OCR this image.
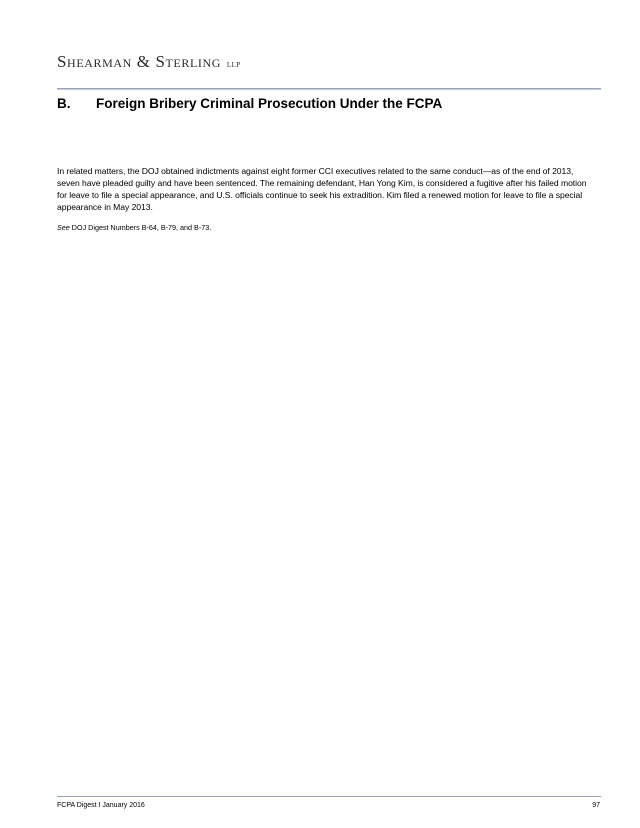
Shearman & Sterling LLP
B. Foreign Bribery Criminal Prosecution Under the FCPA

In related matters, the DOJ obtained indictments against eight former CCI executives related to the same conduct—as of the end of 2013, seven have pleaded guilty and have been sentenced. The remaining defendant, Han Yong Kim, is considered a fugitive after his failed motion for leave to file a special appearance, and U.S. officials continue to seek his extradition. Kim filed a renewed motion for leave to file a special appearance in May 2013.

See DOJ Digest Numbers B-64, B-79, and B-73.
FCPA Digest I January 2016	97
